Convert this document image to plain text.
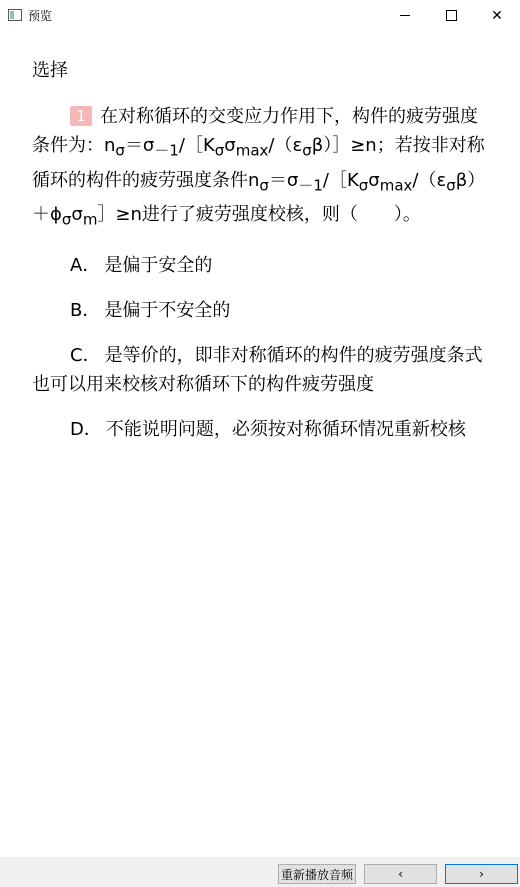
预览	✕
选择

1 在对称循环的交变应力作用下，构件的疲劳强度条件为：$n_\sigma=\sigma_{-1}/[K_\sigma\sigma_{max}/(\varepsilon_\sigma\beta)]\ge n$；若按非对称循环的构件的疲劳强度条件$n_\sigma=\sigma_{-1}/[K_\sigma\sigma_{max}/(\varepsilon_\sigma\beta)+\phi_\sigma\sigma_m]\ge n$进行了疲劳强度校核，则（　　）。

A． 是偏于安全的

B． 是偏于不安全的

C． 是等价的，即非对称循环的构件的疲劳强度条式也可以用来校核对称循环下的构件疲劳强度

D． 不能说明问题，必须按对称循环情况重新校核

重新播放音频	‹	›
